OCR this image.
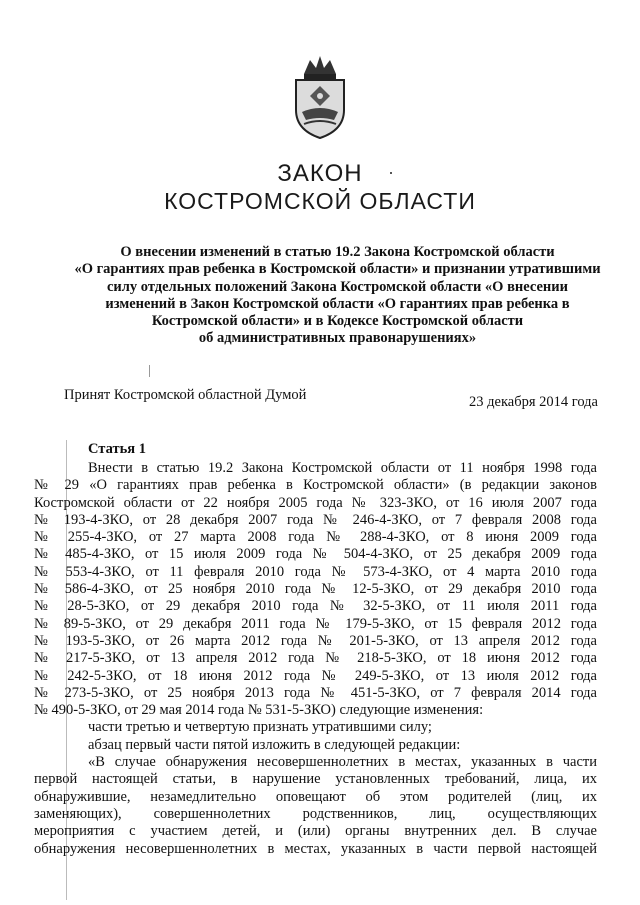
ЗАКОН
КОСТРОМСКОЙ ОБЛАСТИ
О внесении изменений в статью 19.2 Закона Костромской области
«О гарантиях прав ребенка в Костромской области» и признании утратившими
силу отдельных положений Закона Костромской области «О внесении
изменений в Закон Костромской области «О гарантиях прав ребенка в
Костромской области» и в Кодексе Костромской области
об административных правонарушениях»
Принят Костромской областной Думой	23 декабря 2014 года
Статья 1
Внести в статью 19.2 Закона Костромской области от 11 ноября 1998 года
№ 29 «О гарантиях прав ребенка в Костромской области» (в редакции законов
Костромской области от 22 ноября 2005 года № 323-ЗКО, от 16 июля 2007 года
№ 193-4-ЗКО, от 28 декабря 2007 года № 246-4-ЗКО, от 7 февраля 2008 года
№ 255-4-ЗКО, от 27 марта 2008 года № 288-4-ЗКО, от 8 июня 2009 года
№ 485-4-ЗКО, от 15 июля 2009 года № 504-4-ЗКО, от 25 декабря 2009 года
№ 553-4-ЗКО, от 11 февраля 2010 года № 573-4-ЗКО, от 4 марта 2010 года
№ 586-4-ЗКО, от 25 ноября 2010 года № 12-5-ЗКО, от 29 декабря 2010 года
№ 28-5-ЗКО, от 29 декабря 2010 года № 32-5-ЗКО, от 11 июля 2011 года
№ 89-5-ЗКО, от 29 декабря 2011 года № 179-5-ЗКО, от 15 февраля 2012 года
№ 193-5-ЗКО, от 26 марта 2012 года № 201-5-ЗКО, от 13 апреля 2012 года
№ 217-5-ЗКО, от 13 апреля 2012 года № 218-5-ЗКО, от 18 июня 2012 года
№ 242-5-ЗКО, от 18 июня 2012 года № 249-5-ЗКО, от 13 июля 2012 года
№ 273-5-ЗКО, от 25 ноября 2013 года № 451-5-ЗКО, от 7 февраля 2014 года
№ 490-5-ЗКО, от 29 мая 2014 года № 531-5-ЗКО) следующие изменения:
части третью и четвертую признать утратившими силу;
абзац первый части пятой изложить в следующей редакции:
«В случае обнаружения несовершеннолетних в местах, указанных в части
первой настоящей статьи, в нарушение установленных требований, лица, их
обнаружившие, незамедлительно оповещают об этом родителей (лиц, их
заменяющих), совершеннолетних родственников, лиц, осуществляющих
мероприятия с участием детей, и (или) органы внутренних дел. В случае
обнаружения несовершеннолетних в местах, указанных в части первой настоящей
